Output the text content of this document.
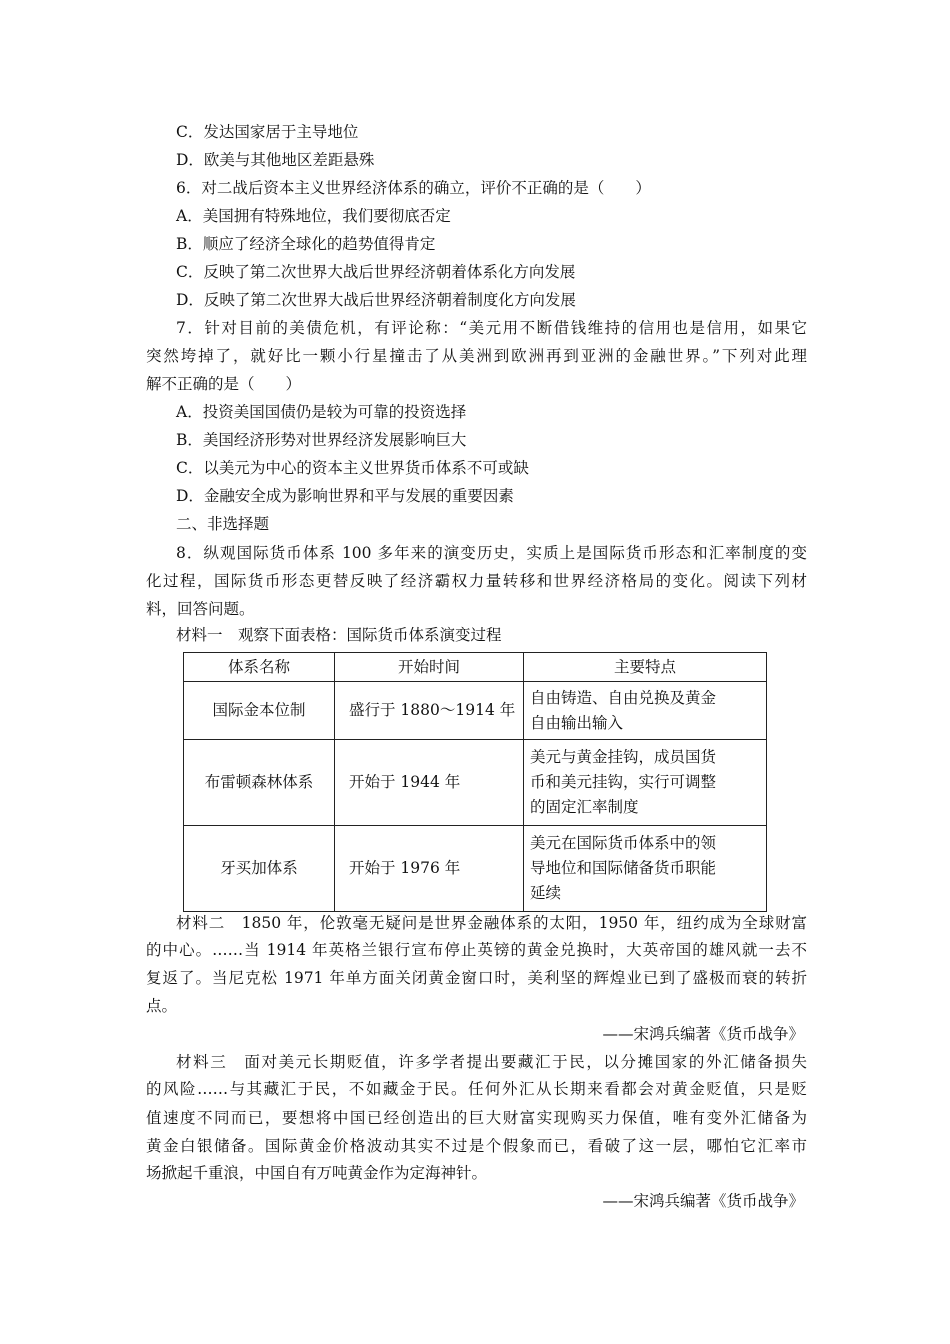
C．发达国家居于主导地位
D．欧美与其他地区差距悬殊
6．对二战后资本主义世界经济体系的确立，评价不正确的是（　　）
A．美国拥有特殊地位，我们要彻底否定
B．顺应了经济全球化的趋势值得肯定
C．反映了第二次世界大战后世界经济朝着体系化方向发展
D．反映了第二次世界大战后世界经济朝着制度化方向发展
7．针对目前的美债危机，有评论称：“美元用不断借钱维持的信用也是信用，如果它
突然垮掉了，就好比一颗小行星撞击了从美洲到欧洲再到亚洲的金融世界。”下列对此理
解不正确的是（　　）
A．投资美国国债仍是较为可靠的投资选择
B．美国经济形势对世界经济发展影响巨大
C．以美元为中心的资本主义世界货币体系不可或缺
D．金融安全成为影响世界和平与发展的重要因素
二、非选择题
8．纵观国际货币体系 100 多年来的演变历史，实质上是国际货币形态和汇率制度的变
化过程，国际货币形态更替反映了经济霸权力量转移和世界经济格局的变化。阅读下列材
料，回答问题。
材料一　观察下面表格：国际货币体系演变过程
体系名称	开始时间	主要特点
国际金本位制	盛行于 1880～1914 年	自由铸造、自由兑换及黄金
自由输出输入

布雷顿森林体系	开始于 1944 年	美元与黄金挂钩，成员国货
币和美元挂钩，实行可调整
的固定汇率制度

牙买加体系	开始于 1976 年	美元在国际货币体系中的领
导地位和国际储备货币职能
延续
材料二　1850 年，伦敦毫无疑问是世界金融体系的太阳，1950 年，纽约成为全球财富
的中心。……当 1914 年英格兰银行宣布停止英镑的黄金兑换时，大英帝国的雄风就一去不
复返了。当尼克松 1971 年单方面关闭黄金窗口时，美利坚的辉煌业已到了盛极而衰的转折
点。
——宋鸿兵编著《货币战争》
材料三　面对美元长期贬值，许多学者提出要藏汇于民，以分摊国家的外汇储备损失
的风险……与其藏汇于民，不如藏金于民。任何外汇从长期来看都会对黄金贬值，只是贬
值速度不同而已，要想将中国已经创造出的巨大财富实现购买力保值，唯有变外汇储备为
黄金白银储备。国际黄金价格波动其实不过是个假象而已，看破了这一层，哪怕它汇率市
场掀起千重浪，中国自有万吨黄金作为定海神针。
——宋鸿兵编著《货币战争》
